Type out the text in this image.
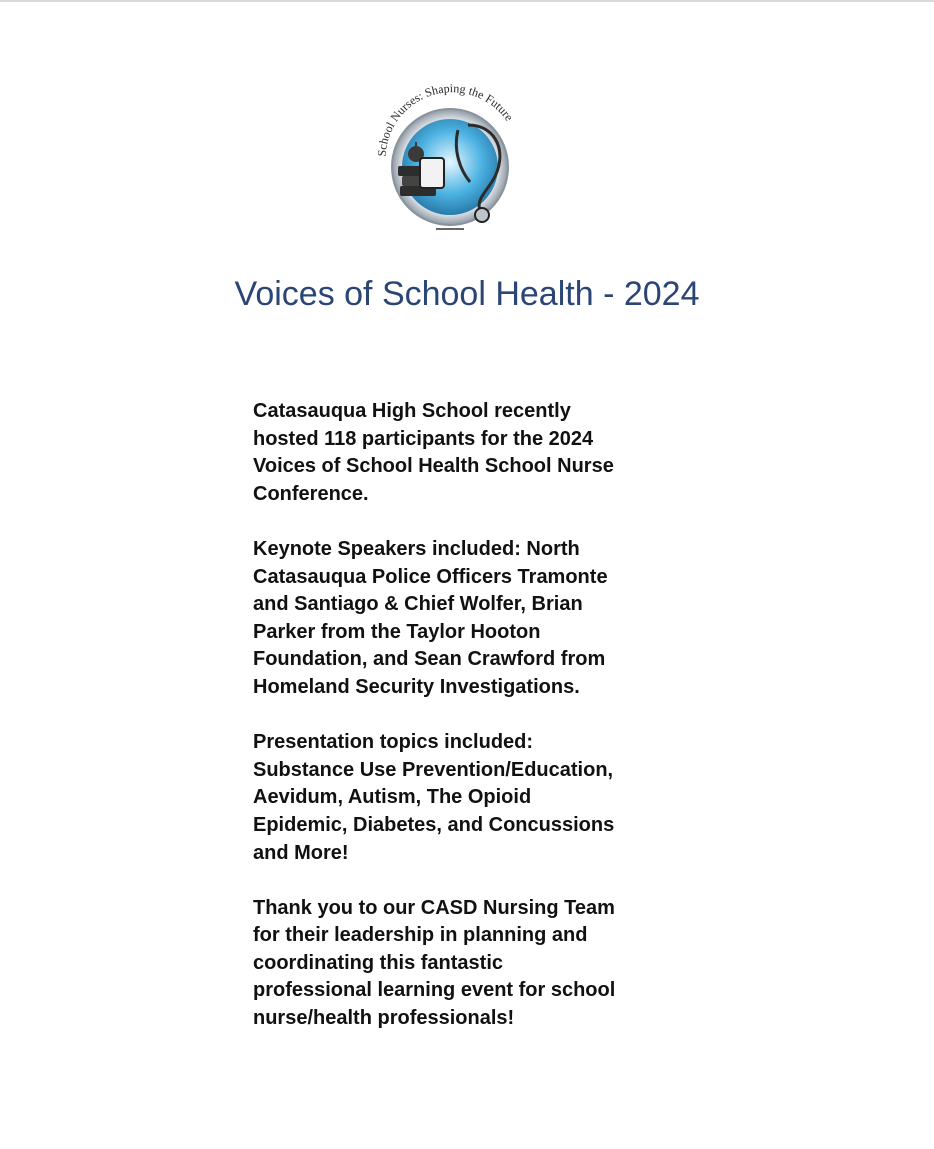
School Nurses: Shaping the Future
Voices of School Health - 2024

Catasauqua High School recently
hosted 118 participants for the 2024
Voices of School Health School Nurse
Conference.

Keynote Speakers included: North
Catasauqua Police Officers Tramonte
and Santiago & Chief Wolfer, Brian
Parker from the Taylor Hooton
Foundation, and Sean Crawford from
Homeland Security Investigations.

Presentation topics included:
Substance Use Prevention/Education,
Aevidum, Autism, The Opioid
Epidemic, Diabetes, and Concussions
and More!

Thank you to our CASD Nursing Team
for their leadership in planning and
coordinating this fantastic
professional learning event for school
nurse/health professionals!
